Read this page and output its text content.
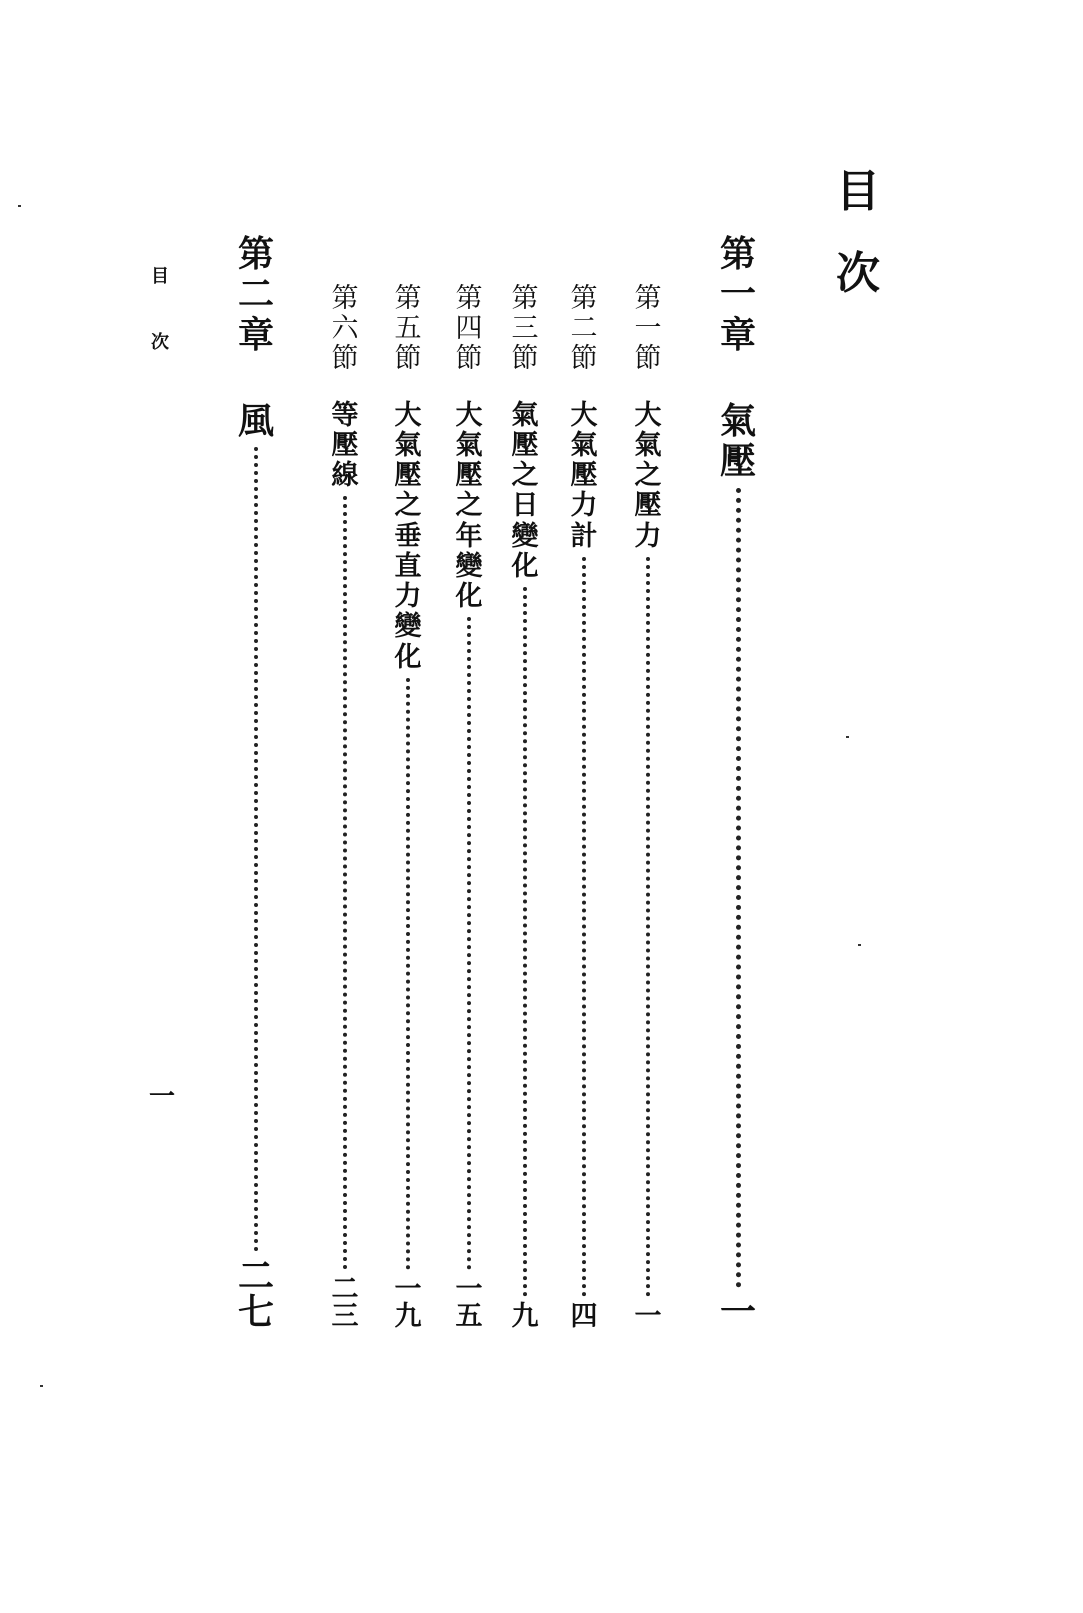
目
次
第
一
章
氣
壓
一
第
一
節
大
氣
之
壓
力
一
第
二
節
大
氣
壓
力
計
四
第
三
節
氣
壓
之
日
變
化
九
第
四
節
大
氣
壓
之
年
變
化
一
五
第
五
節
大
氣
壓
之
垂
直
力
變
化
一
九
第
六
節
等
壓
線
二
三
第
二
章
風
二
七
目
次
一
